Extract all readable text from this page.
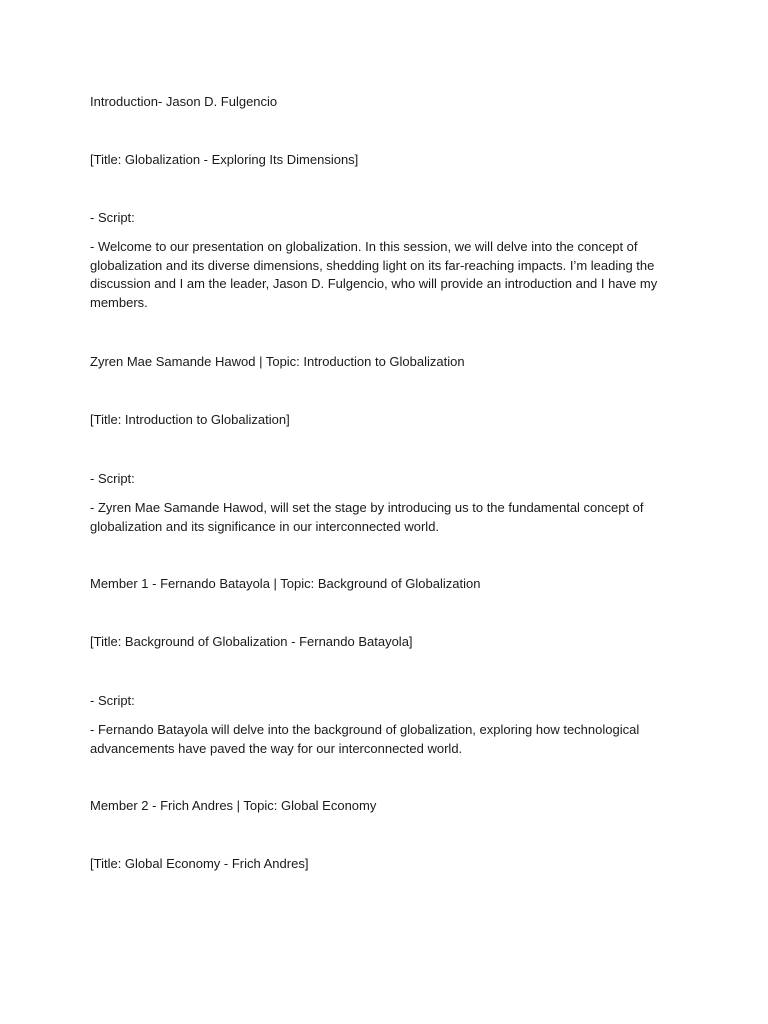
Introduction- Jason D. Fulgencio

[Title: Globalization - Exploring Its Dimensions]

- Script:

- Welcome to our presentation on globalization. In this session, we will delve into the concept of
globalization and its diverse dimensions, shedding light on its far-reaching impacts. I’m leading the
discussion and I am the leader, Jason D. Fulgencio, who will provide an introduction and I have my
members.

Zyren Mae Samande Hawod | Topic: Introduction to Globalization

[Title: Introduction to Globalization]

- Script:

- Zyren Mae Samande Hawod, will set the stage by introducing us to the fundamental concept of
globalization and its significance in our interconnected world.

Member 1 - Fernando Batayola | Topic: Background of Globalization

[Title: Background of Globalization - Fernando Batayola]

- Script:

- Fernando Batayola will delve into the background of globalization, exploring how technological
advancements have paved the way for our interconnected world.

Member 2 - Frich Andres | Topic: Global Economy

[Title: Global Economy - Frich Andres]
